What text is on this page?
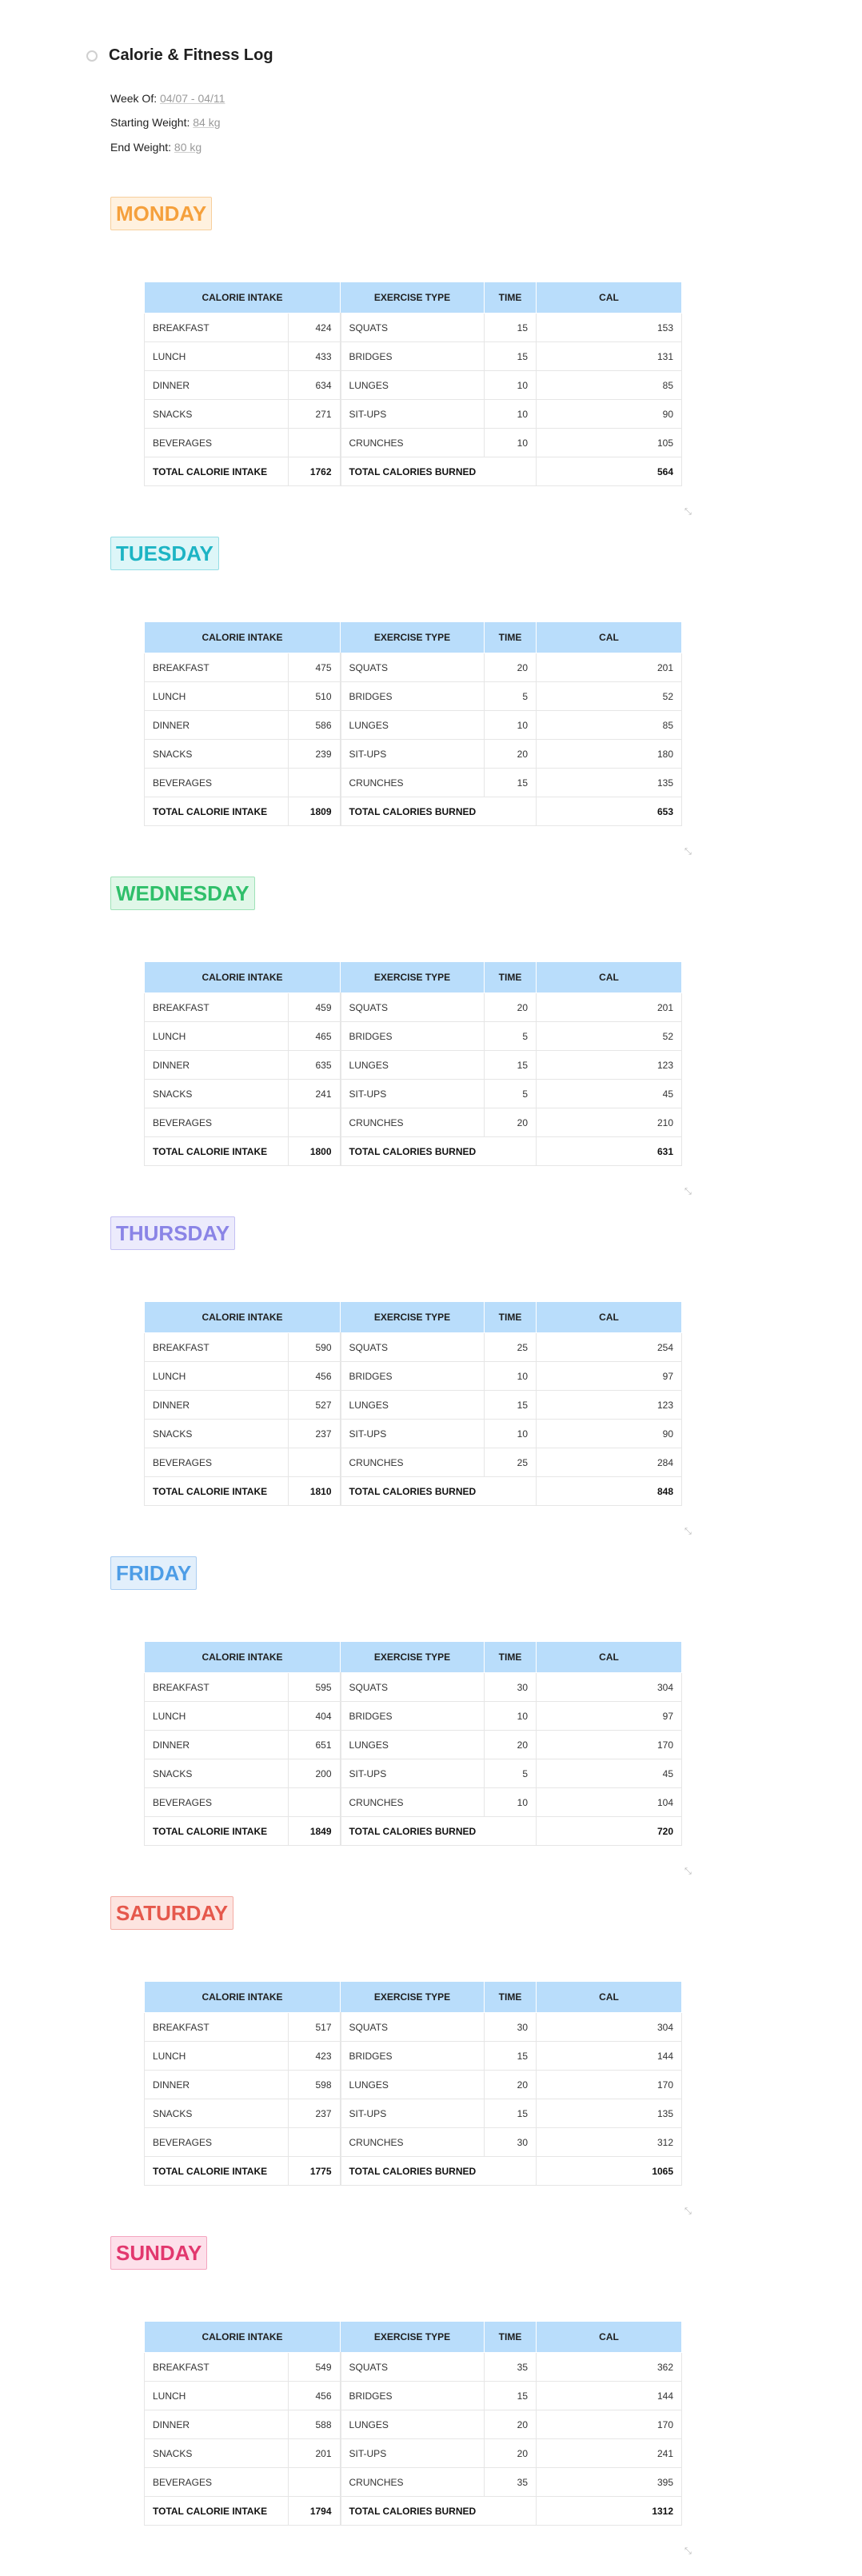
Calorie & Fitness Log
Week Of: 04/07 - 04/11
Starting Weight: 84 kg
End Weight: 80 kg
MONDAY
CALORIE INTAKE		EXERCISE TYPE	TIME	CAL
BREAKFAST	424	SQUATS	15	153
LUNCH	433	BRIDGES	15	131
DINNER	634	LUNGES	10	85
SNACKS	271	SIT-UPS	10	90
BEVERAGES		CRUNCHES	10	105
TOTAL CALORIE INTAKE	1762	TOTAL CALORIES BURNED		564
⤡
TUESDAY
CALORIE INTAKE		EXERCISE TYPE	TIME	CAL
BREAKFAST	475	SQUATS	20	201
LUNCH	510	BRIDGES	5	52
DINNER	586	LUNGES	10	85
SNACKS	239	SIT-UPS	20	180
BEVERAGES		CRUNCHES	15	135
TOTAL CALORIE INTAKE	1809	TOTAL CALORIES BURNED		653
⤡
WEDNESDAY
CALORIE INTAKE		EXERCISE TYPE	TIME	CAL
BREAKFAST	459	SQUATS	20	201
LUNCH	465	BRIDGES	5	52
DINNER	635	LUNGES	15	123
SNACKS	241	SIT-UPS	5	45
BEVERAGES		CRUNCHES	20	210
TOTAL CALORIE INTAKE	1800	TOTAL CALORIES BURNED		631
⤡
THURSDAY
CALORIE INTAKE		EXERCISE TYPE	TIME	CAL
BREAKFAST	590	SQUATS	25	254
LUNCH	456	BRIDGES	10	97
DINNER	527	LUNGES	15	123
SNACKS	237	SIT-UPS	10	90
BEVERAGES		CRUNCHES	25	284
TOTAL CALORIE INTAKE	1810	TOTAL CALORIES BURNED		848
⤡
FRIDAY
CALORIE INTAKE		EXERCISE TYPE	TIME	CAL
BREAKFAST	595	SQUATS	30	304
LUNCH	404	BRIDGES	10	97
DINNER	651	LUNGES	20	170
SNACKS	200	SIT-UPS	5	45
BEVERAGES		CRUNCHES	10	104
TOTAL CALORIE INTAKE	1849	TOTAL CALORIES BURNED		720
⤡
SATURDAY
CALORIE INTAKE		EXERCISE TYPE	TIME	CAL
BREAKFAST	517	SQUATS	30	304
LUNCH	423	BRIDGES	15	144
DINNER	598	LUNGES	20	170
SNACKS	237	SIT-UPS	15	135
BEVERAGES		CRUNCHES	30	312
TOTAL CALORIE INTAKE	1775	TOTAL CALORIES BURNED		1065
⤡
SUNDAY
CALORIE INTAKE		EXERCISE TYPE	TIME	CAL
BREAKFAST	549	SQUATS	35	362
LUNCH	456	BRIDGES	15	144
DINNER	588	LUNGES	20	170
SNACKS	201	SIT-UPS	20	241
BEVERAGES		CRUNCHES	35	395
TOTAL CALORIE INTAKE	1794	TOTAL CALORIES BURNED		1312
⤡
